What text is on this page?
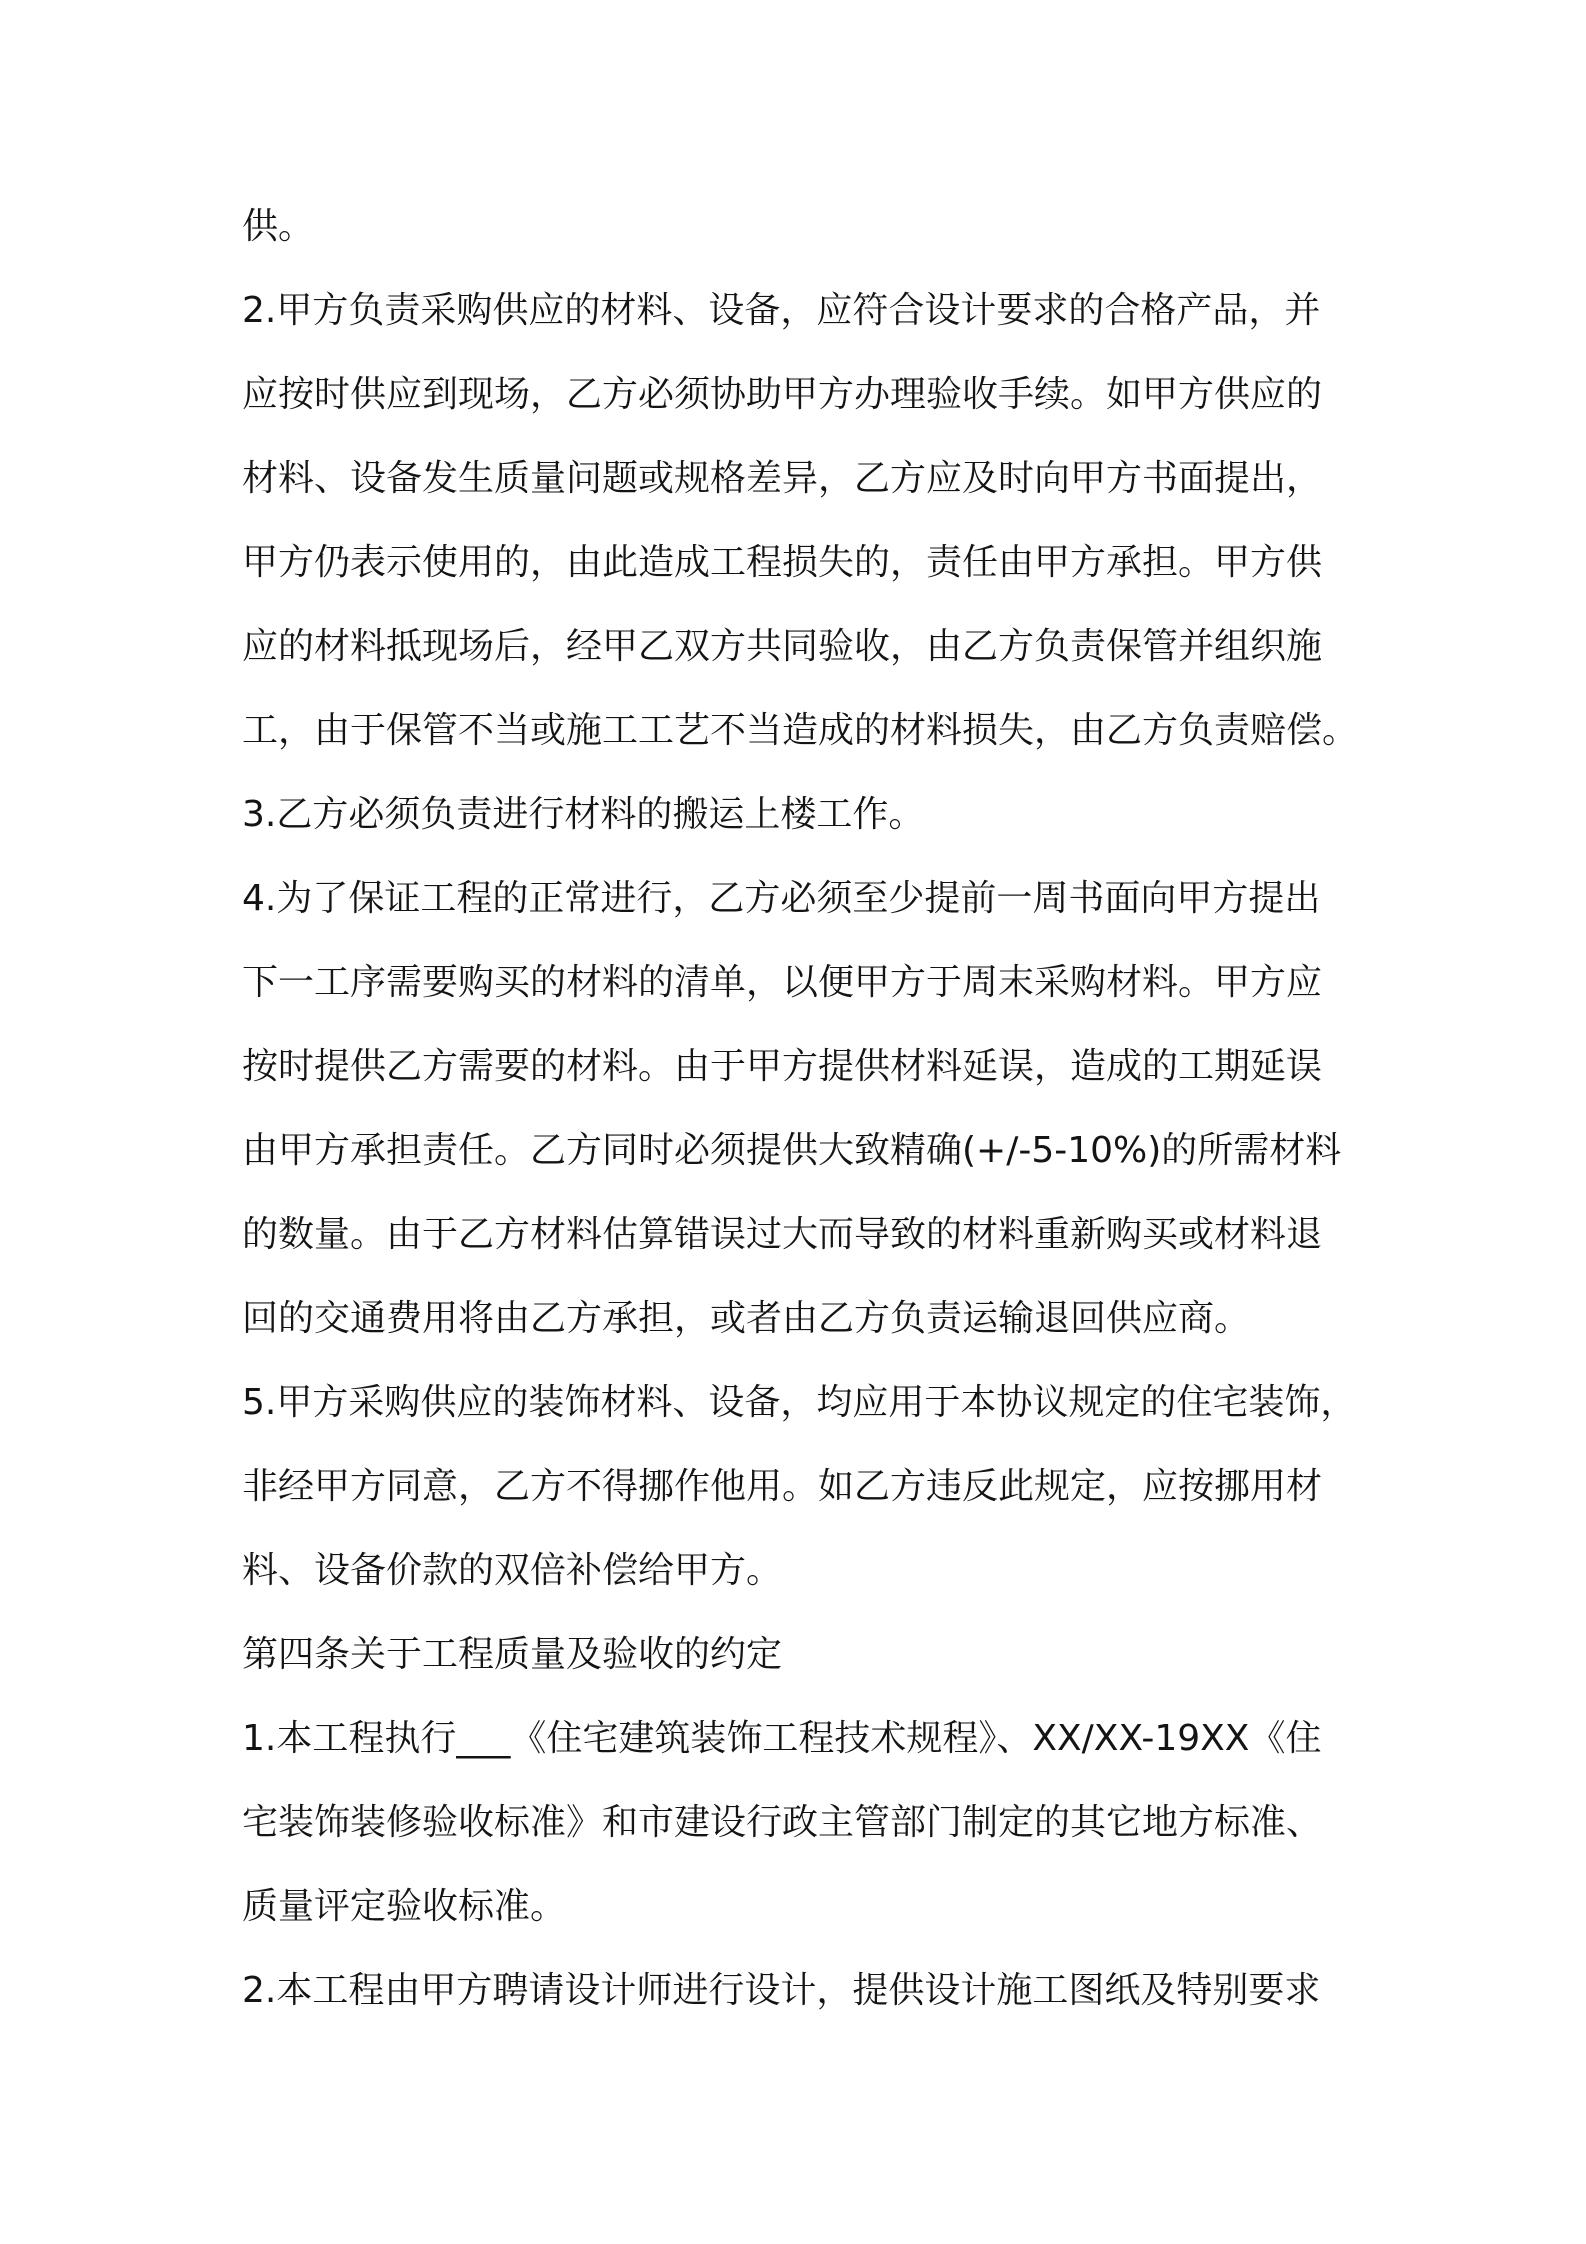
供。

2.甲方负责采购供应的材料、设备，应符合设计要求的合格产品，并

应按时供应到现场，乙方必须协助甲方办理验收手续。如甲方供应的

材料、设备发生质量问题或规格差异，乙方应及时向甲方书面提出，

甲方仍表示使用的，由此造成工程损失的，责任由甲方承担。甲方供

应的材料抵现场后，经甲乙双方共同验收，由乙方负责保管并组织施

工，由于保管不当或施工工艺不当造成的材料损失，由乙方负责赔偿。

3.乙方必须负责进行材料的搬运上楼工作。

4.为了保证工程的正常进行，乙方必须至少提前一周书面向甲方提出

下一工序需要购买的材料的清单，以便甲方于周末采购材料。甲方应

按时提供乙方需要的材料。由于甲方提供材料延误，造成的工期延误

由甲方承担责任。乙方同时必须提供大致精确(+/-5-10%)的所需材料

的数量。由于乙方材料估算错误过大而导致的材料重新购买或材料退

回的交通费用将由乙方承担，或者由乙方负责运输退回供应商。

5.甲方采购供应的装饰材料、设备，均应用于本协议规定的住宅装饰，

非经甲方同意，乙方不得挪作他用。如乙方违反此规定，应按挪用材

料、设备价款的双倍补偿给甲方。

第四条关于工程质量及验收的约定

1.本工程执行___《住宅建筑装饰工程技术规程》、XX/XX-19XX《住

宅装饰装修验收标准》和市建设行政主管部门制定的其它地方标准、

质量评定验收标准。

2.本工程由甲方聘请设计师进行设计，提供设计施工图纸及特别要求
